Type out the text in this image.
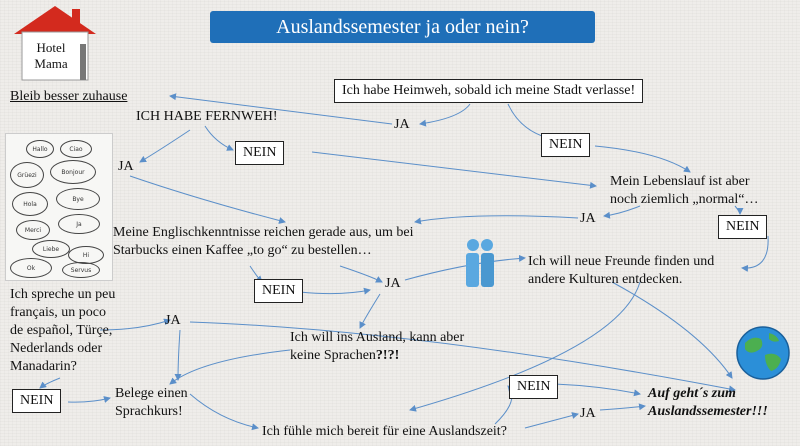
Hotel
Mama
Auslandssemester ja oder nein?
Bleib besser zuhause	Ich habe Heimweh, sobald ich meine Stadt verlasse!
ICH HABE FERNWEH!
JA
NEIN
NEIN
JA
Mein Lebenslauf ist aber
noch ziemlich „normal“…
JA
NEIN
Hallo	Ciao
Grüezi	Bonjour
Hola
Bye
Merci
Ja
Liebe
Ok
Hi
Servus
Meine Englischkenntnisse reichen gerade aus, um bei
Starbucks einen Kaffee „to go“ zu bestellen…
Ich will neue Freunde finden und
andere Kulturen entdecken.
NEIN	JA
Ich spreche un peu
français, un poco
de español, Türçe,
Nederlands oder
Manadarin?
JA
Ich will ins Ausland, kann aber
keine Sprachen?!?!
NEIN	Auf geht´s zum
Auslandssemester!!!
Belege einen
Sprachkurs!
NEIN
JA
Ich fühle mich bereit für eine Auslandszeit?
